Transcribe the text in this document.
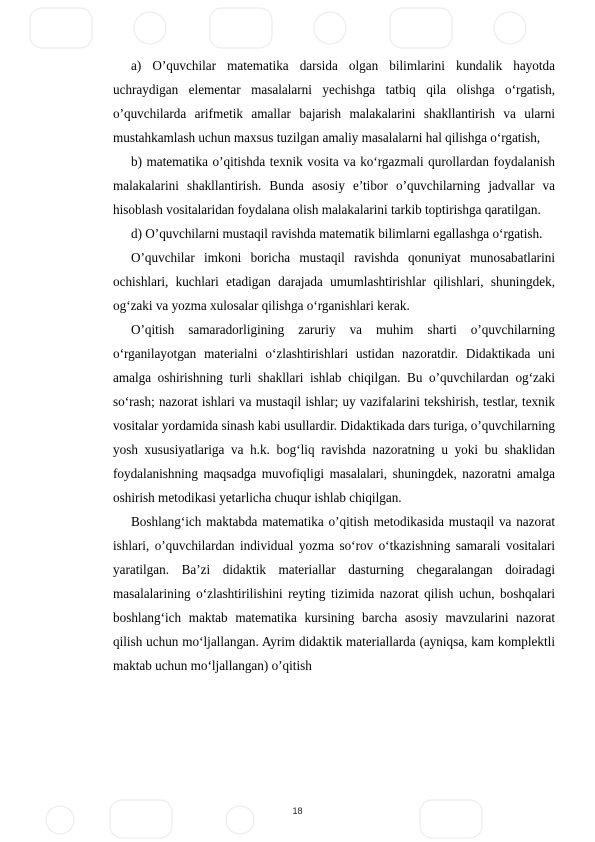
a) O’quvchilar matematika darsida olgan bilimlarini kundalik hayotda uchraydigan elementar masalalarni yechishga tatbiq qila olishga o‘rgatish, o’quvchilarda arifmetik amallar bajarish malakalarini shakllantirish va ularni mustahkamlash uchun maxsus tuzilgan amaliy masalalarni hal qilishga o‘rgatish,

b) matematika o’qitishda texnik vosita va ko‘rgazmali qurollardan foydalanish malakalarini shakllantirish. Bunda asosiy e’tibor o’quvchilarning jadvallar va hisoblash vositalaridan foydalana olish malakalarini tarkib toptirishga qaratilgan.

d) O’quvchilarni mustaqil ravishda matematik bilimlarni egallashga o‘rgatish.

O’quvchilar imkoni boricha mustaqil ravishda qonuniyat munosabatlarini ochishlari, kuchlari etadigan darajada umumlashtirishlar qilishlari, shuningdek, og‘zaki va yozma xulosalar qilishga o‘rganishlari kerak.

O’qitish samaradorligining zaruriy va muhim sharti o’quvchilarning o‘rganilayotgan materialni o‘zlashtirishlari ustidan nazoratdir. Didaktikada uni amalga oshirishning turli shakllari ishlab chiqilgan. Bu o’quvchilardan og‘zaki so‘rash; nazorat ishlari va mustaqil ishlar; uy vazifalarini tekshirish, testlar, texnik vositalar yordamida sinash kabi usullardir. Didaktikada dars turiga, o’quvchilarning yosh xususiyatlariga va h.k. bog‘liq ravishda nazoratning u yoki bu shaklidan foydalanishning maqsadga muvofiqligi masalalari, shuningdek, nazoratni amalga oshirish metodikasi yetarlicha chuqur ishlab chiqilgan.

Boshlang‘ich maktabda matematika o’qitish metodikasida mustaqil va nazorat ishlari, o’quvchilardan individual yozma so‘rov o‘tkazishning samarali vositalari yaratilgan. Ba’zi didaktik materiallar dasturning chegaralangan doiradagi masalalarining o‘zlashtirilishini reyting tizimida nazorat qilish uchun, boshqalari boshlang‘ich maktab matematika kursining barcha asosiy mavzularini nazorat qilish uchun mo‘ljallangan. Ayrim didaktik materiallarda (ayniqsa, kam komplektli maktab uchun mo‘ljallangan) o’qitish

18
